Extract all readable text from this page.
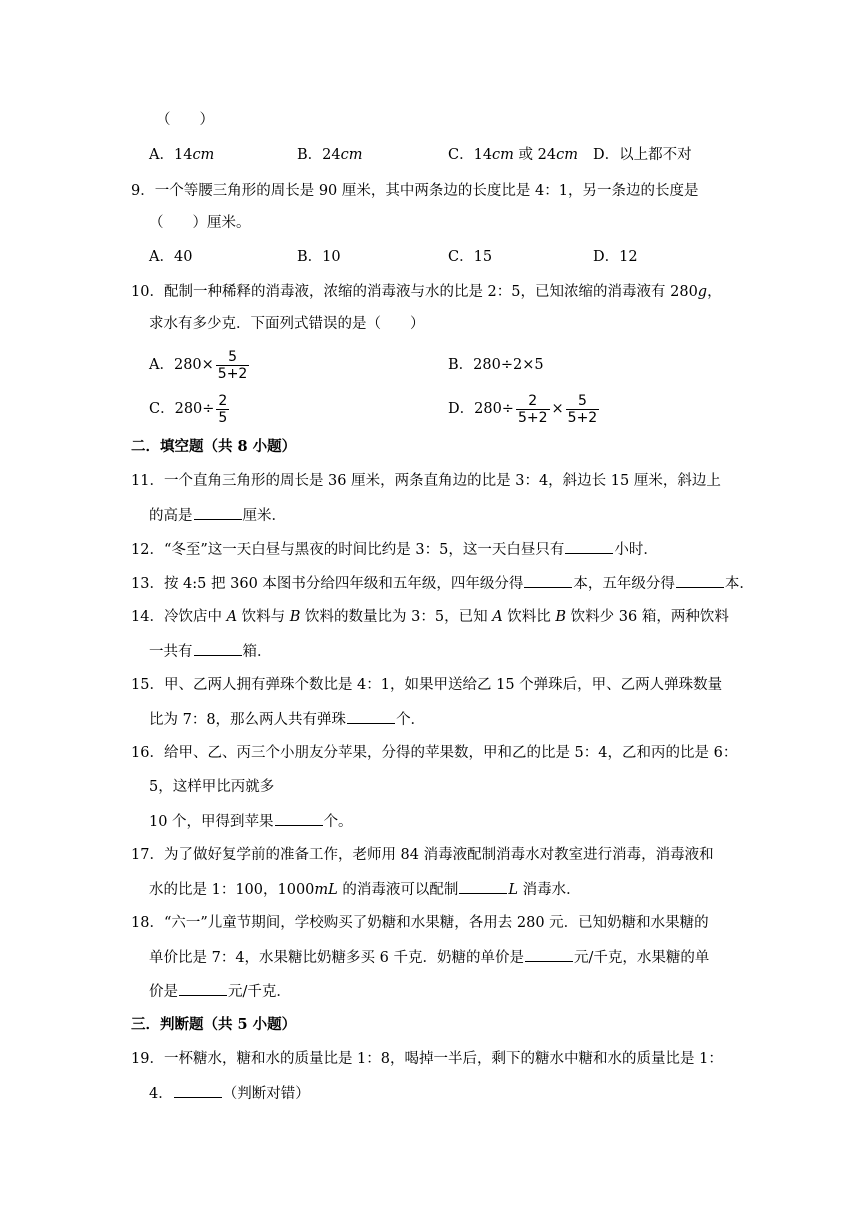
（　　）
A．14cm	B．24cm	C．14cm 或 24cm D．以上都不对
9．一个等腰三角形的周长是 90 厘米，其中两条边的长度比是 4：1，另一条边的长度是
（　　）厘米。
A．40	B．10	C．15	D．12
10．配制一种稀释的消毒液，浓缩的消毒液与水的比是 2：5，已知浓缩的消毒液有 280g，
求水有多少克．下面列式错误的是（　　）
A．$280\times \frac{5}{5+2}$	B．280÷2×5
C．$280\div \frac{2}{5}$	D．$280\div \frac{2}{5+2} \times \frac{5}{5+2}$
二．填空题（共 8 小题）
11．一个直角三角形的周长是 36 厘米，两条直角边的比是 3：4，斜边长 15 厘米，斜边上
的高是	厘米．
12．“冬至”这一天白昼与黑夜的时间比约是 3：5，这一天白昼只有	小时．
13．按 4:5 把 360 本图书分给四年级和五年级，四年级分得	本，五年级分得	本．
14．冷饮店中 A 饮料与 B 饮料的数量比为 3：5，已知 A 饮料比 B 饮料少 36 箱，两种饮料
一共有	箱．
15．甲、乙两人拥有弹珠个数比是 4：1，如果甲送给乙 15 个弹珠后，甲、乙两人弹珠数量
比为 7：8，那么两人共有弹珠	个．
16．给甲、乙、丙三个小朋友分苹果，分得的苹果数，甲和乙的比是 5：4，乙和丙的比是 6：
5，这样甲比丙就多
10 个，甲得到苹果	个。
17．为了做好复学前的准备工作，老师用 84 消毒液配制消毒水对教室进行消毒，消毒液和
水的比是 1：100，1000mL 的消毒液可以配制	L 消毒水．
18．“六一”儿童节期间，学校购买了奶糖和水果糖，各用去 280 元．已知奶糖和水果糖的
单价比是 7：4，水果糖比奶糖多买 6 千克．奶糖的单价是	元/千克，水果糖的单
价是	元/千克．
三．判断题（共 5 小题）
19．一杯糖水，糖和水的质量比是 1：8，喝掉一半后，剩下的糖水中糖和水的质量比是 1：
4．	（判断对错）
